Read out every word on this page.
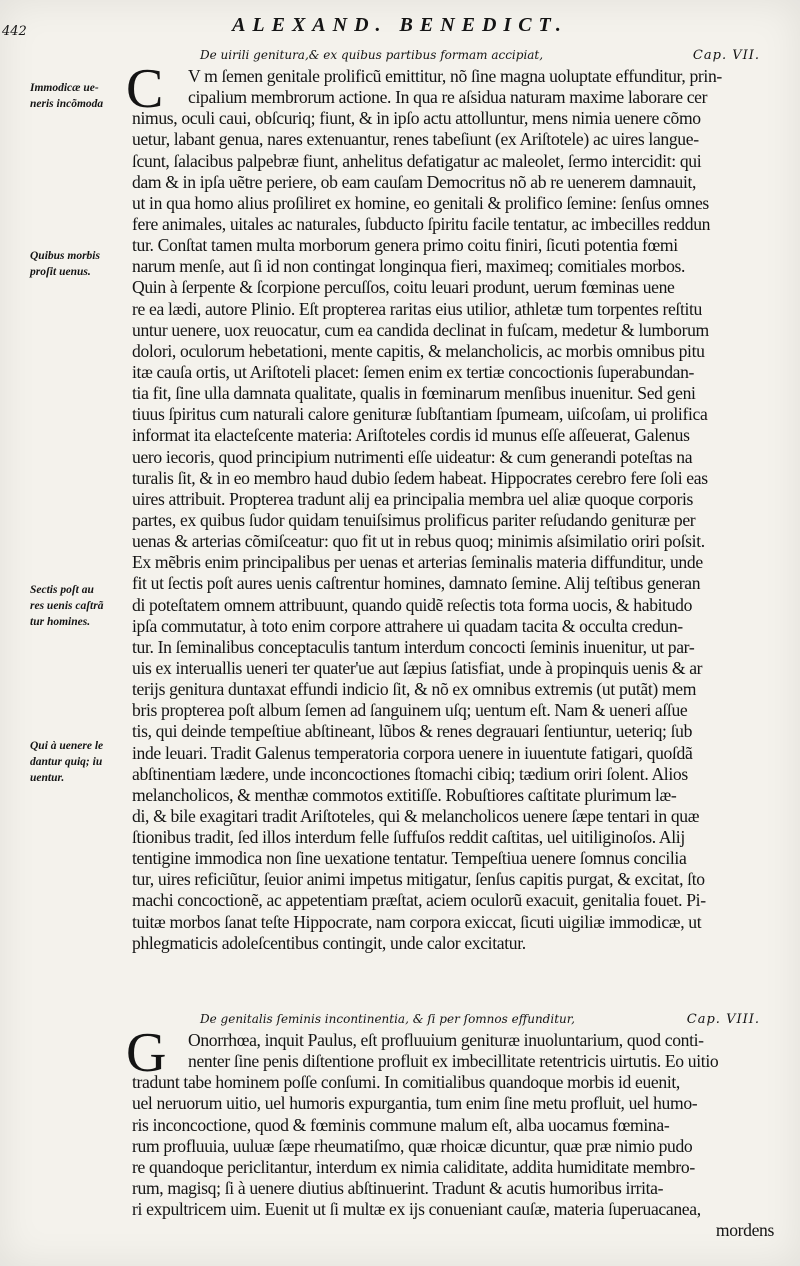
442	ALEXAND. BENEDICT.
De uirili genitura,& ex quibus partibus formam accipiat,	Cap. VII.
C	V m ſemen genitale prolificũ emittitur, nõ ſine magna uoluptate effunditur, prin-
cipalium membrorum actione. In qua re aſsidua naturam maxime laborare cer
nimus, oculi caui, obſcuriq; fiunt, & in ipſo actu attolluntur, mens nimia uenere cõmo
uetur, labant genua, nares extenuantur, renes tabeſiunt (ex Ariſtotele) ac uires langue-
ſcunt, ſalacibus palpebræ fiunt, anhelitus defatigatur ac maleolet, ſermo intercidit: qui
dam & in ipſa uẽtre periere, ob eam cauſam Democritus nõ ab re uenerem damnauit,
ut in qua homo alius proſiliret ex homine, eo genitali & prolifico ſemine: ſenſus omnes
fere animales, uitales ac naturales, ſubducto ſpiritu facile tentatur, ac imbecilles reddun
tur. Conſtat tamen multa morborum genera primo coitu finiri, ſicuti potentia fœmi
narum menſe, aut ſi id non contingat longinqua fieri, maximeq; comitiales morbos.
Quin à ſerpente & ſcorpione percuſſos, coitu leuari produnt, uerum fœminas uene
re ea lædi, autore Plinio. Eſt propterea raritas eius utilior, athletæ tum torpentes reſtitu
untur uenere, uox reuocatur, cum ea candida declinat in fuſcam, medetur & lumborum
dolori, oculorum hebetationi, mente capitis, & melancholicis, ac morbis omnibus pitu
itæ cauſa ortis, ut Ariſtoteli placet: ſemen enim ex tertiæ concoctionis ſuperabundan-
tia fit, ſine ulla damnata qualitate, qualis in fœminarum menſibus inuenitur. Sed geni
tiuus ſpiritus cum naturali calore genituræ ſubſtantiam ſpumeam, uiſcoſam, ui prolifica
informat ita elacteſcente materia: Ariſtoteles cordis id munus eſſe aſſeuerat, Galenus
uero iecoris, quod principium nutrimenti eſſe uideatur: & cum generandi poteſtas na
turalis ſit, & in eo membro haud dubio ſedem habeat. Hippocrates cerebro fere ſoli eas
uires attribuit. Propterea tradunt alij ea principalia membra uel aliæ quoque corporis
partes, ex quibus ſudor quidam tenuiſsimus prolificus pariter reſudando genituræ per
uenas & arterias cõmiſceatur: quo fit ut in rebus quoq; minimis aſsimilatio oriri poſsit.
Ex mẽbris enim principalibus per uenas et arterias ſeminalis materia diffunditur, unde
fit ut ſectis poſt aures uenis caſtrentur homines, damnato ſemine. Alij teſtibus generan
di poteſtatem omnem attribuunt, quando quidẽ reſectis tota forma uocis, & habitudo
ipſa commutatur, à toto enim corpore attrahere ui quadam tacita & occulta credun-
tur. In ſeminalibus conceptaculis tantum interdum concocti ſeminis inuenitur, ut par-
uis ex interuallis ueneri ter quater'ue aut ſæpius ſatisfiat, unde à propinquis uenis & ar
terijs genitura duntaxat effundi indicio ſit, & nõ ex omnibus extremis (ut putãt) mem
bris propterea poſt album ſemen ad ſanguinem uſq; uentum eſt. Nam & ueneri aſſue
tis, qui deinde tempeſtiue abſtineant, lũbos & renes degrauari ſentiuntur, ueteriq; ſub
inde leuari. Tradit Galenus temperatoria corpora uenere in iuuentute fatigari, quoſdã
abſtinentiam lædere, unde inconcoctiones ſtomachi cibiq; tædium oriri ſolent. Alios
melancholicos, & menthæ commotos extitiſſe. Robuſtiores caſtitate plurimum læ-
di, & bile exagitari tradit Ariſtoteles, qui & melancholicos uenere ſæpe tentari in quæ
ſtionibus tradit, ſed illos interdum felle ſuffuſos reddit caſtitas, uel uitiliginoſos. Alij
tentigine immodica non ſine uexatione tentatur. Tempeſtiua uenere ſomnus concilia
tur, uires reficiũtur, ſeuior animi impetus mitigatur, ſenſus capitis purgat, & excitat, ſto
machi concoctionẽ, ac appetentiam præſtat, aciem oculorũ exacuit, genitalia fouet. Pi-
tuitæ morbos ſanat teſte Hippocrate, nam corpora exiccat, ſicuti uigiliæ immodicæ, ut
phlegmaticis adoleſcentibus contingit, unde calor excitatur.
Immodicæ ue-
neris incõmoda
Quibus morbis
proſit uenus.
Sectis poſt au
res uenis caſtrã
tur homines.
Qui à uenere le
dantur quiq; iu
uentur.
De genitalis ſeminis incontinentia, & ſi per ſomnos effunditur,	Cap. VIII.
G	Onorrhœa, inquit Paulus, eſt profluuium genituræ inuoluntarium, quod conti-
nenter ſine penis diſtentione profluit ex imbecillitate retentricis uirtutis. Eo uitio
tradunt tabe hominem poſſe conſumi. In comitialibus quandoque morbis id euenit,
uel neruorum uitio, uel humoris expurgantia, tum enim ſine metu profluit, uel humo-
ris inconcoctione, quod & fœminis commune malum eſt, alba uocamus fœmina-
rum profluuia, uuluæ ſæpe rheumatiſmo, quæ rhoicæ dicuntur, quæ præ nimio pudo
re quandoque periclitantur, interdum ex nimia caliditate, addita humiditate membro-
rum, magisq; ſi à uenere diutius abſtinuerint. Tradunt & acutis humoribus irrita-
ri expultricem uim. Euenit ut ſi multæ ex ijs conueniant cauſæ, materia ſuperuacanea,
mordens
